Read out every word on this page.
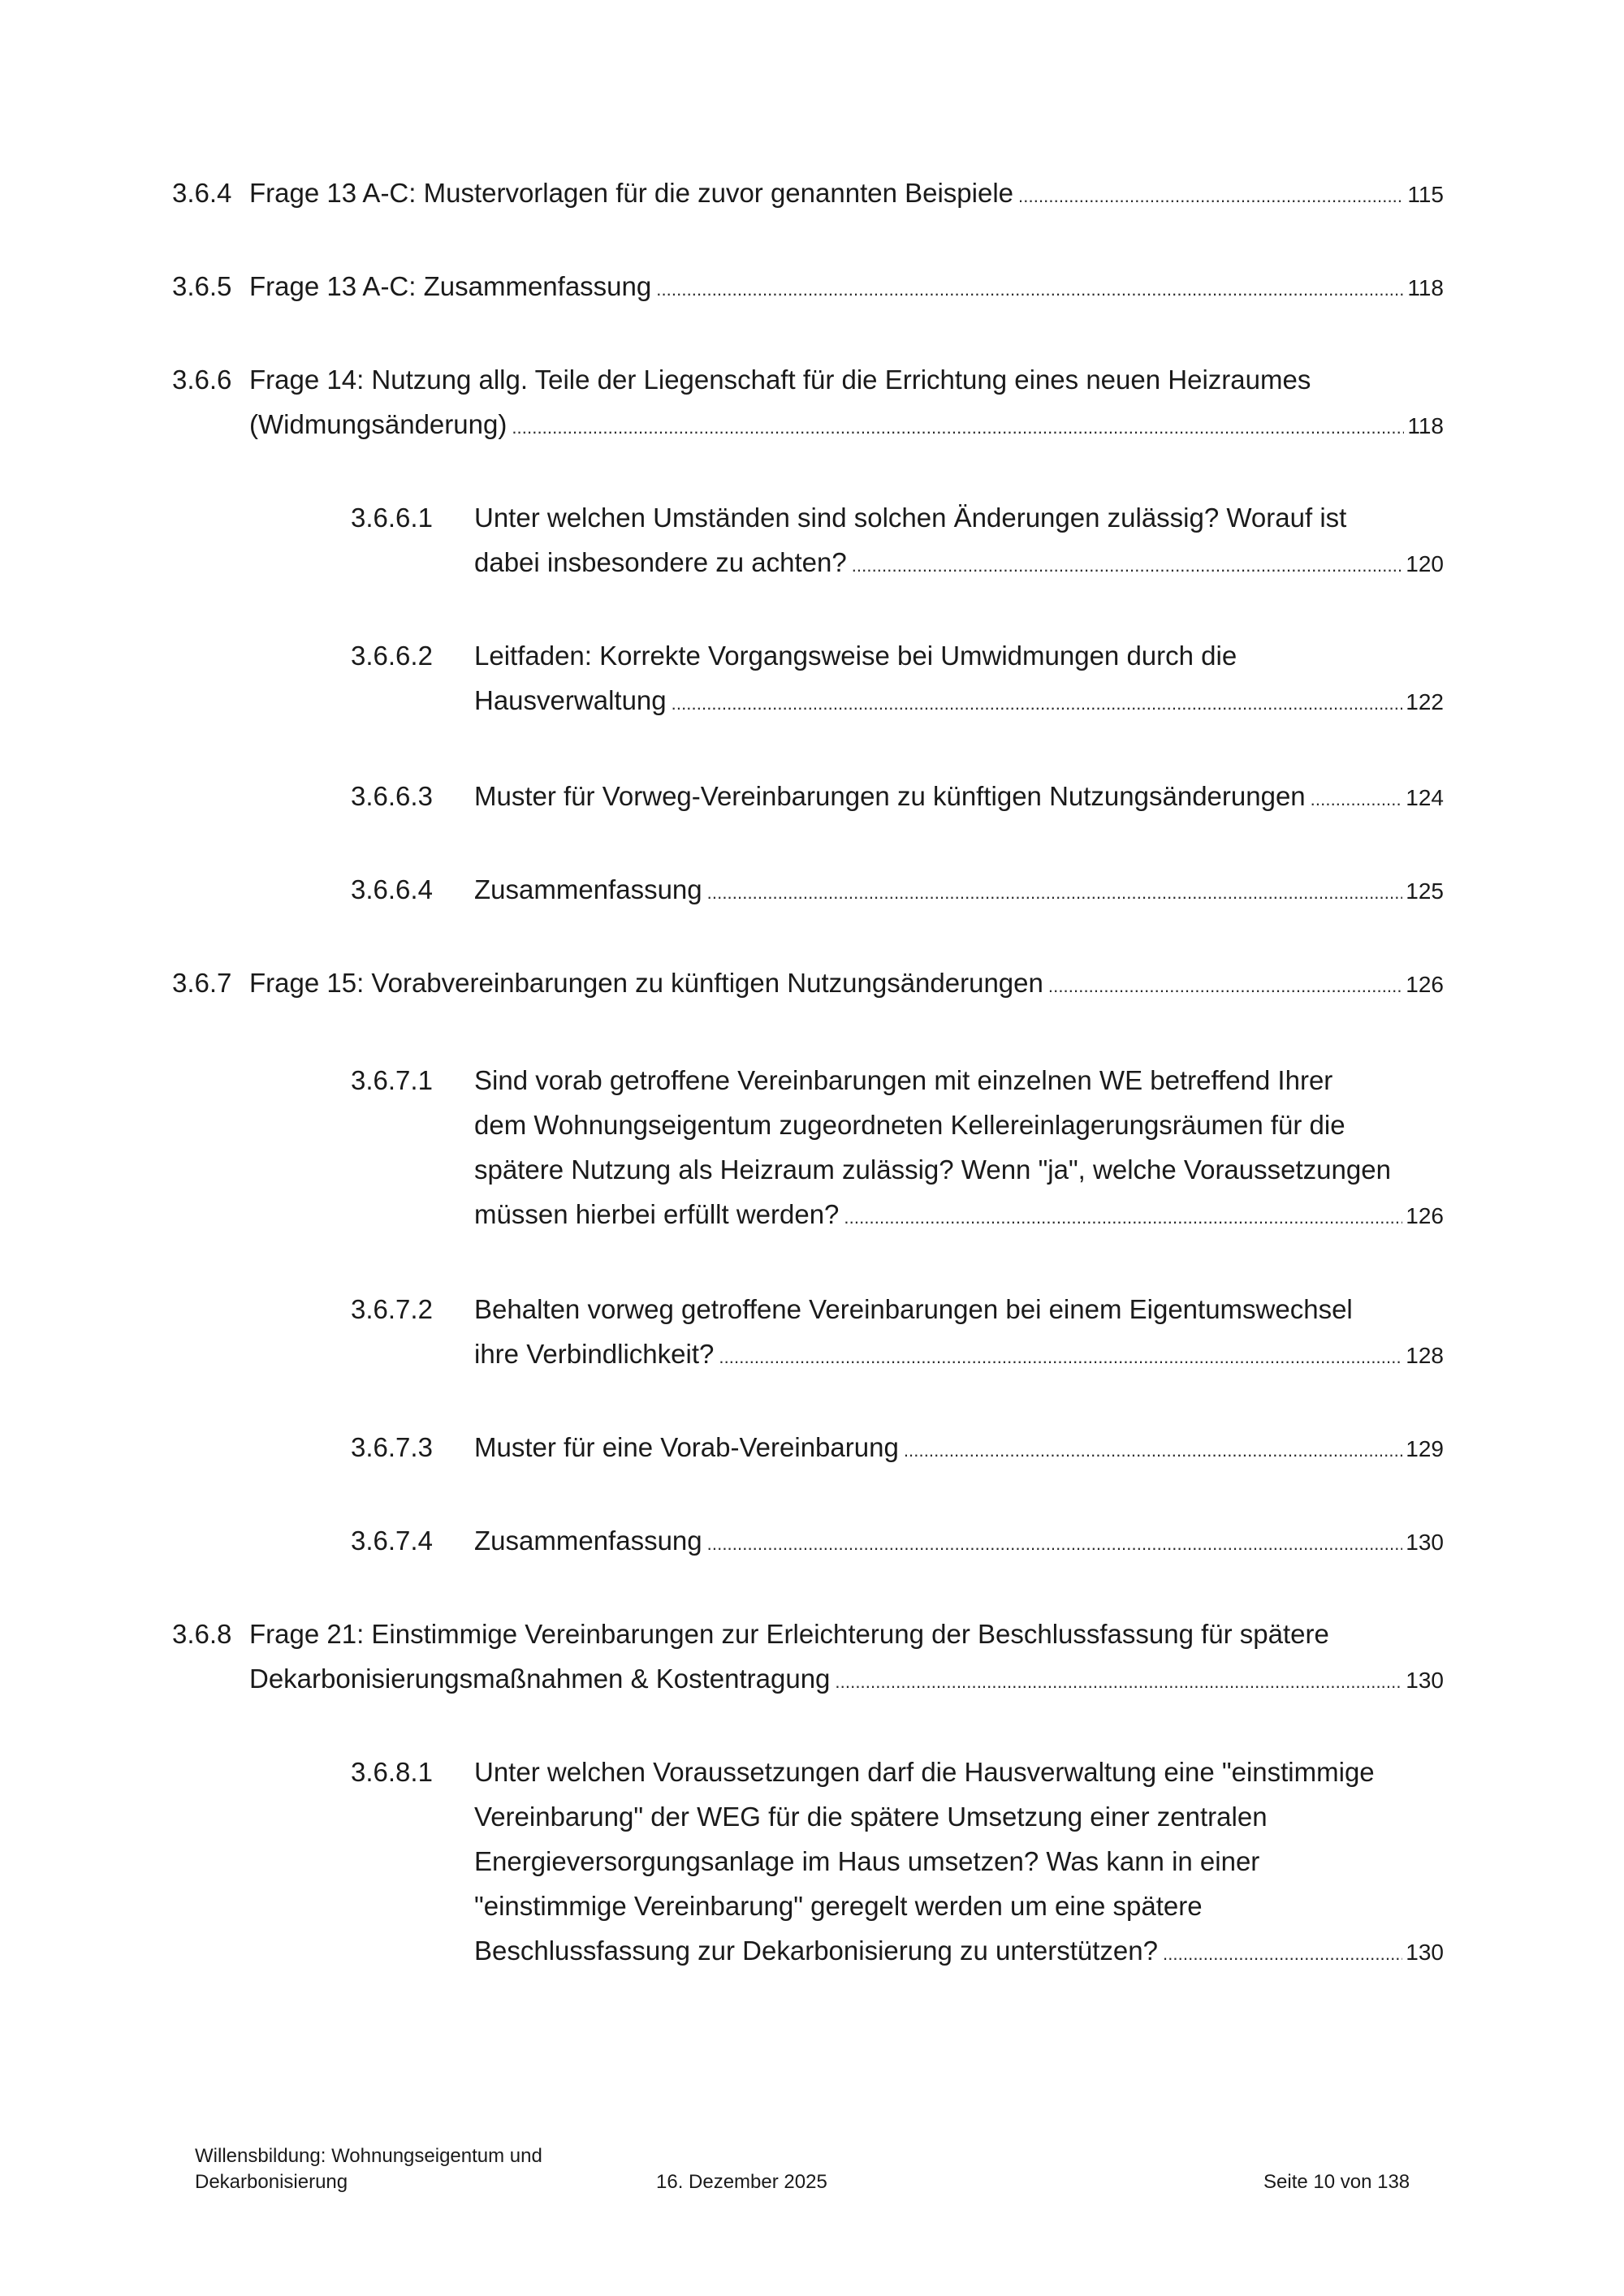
3.6.4 Frage 13 A-C: Mustervorlagen für die zuvor genannten Beispiele . . .	115
3.6.5 Frage 13 A-C: Zusammenfassung . . .	118
3.6.6 Frage 14: Nutzung allg. Teile der Liegenschaft für die Errichtung eines neuen Heizraumes
(Widmungsänderung) . . .	118
3.6.6.1 Unter welchen Umständen sind solchen Änderungen zulässig? Worauf ist
dabei insbesondere zu achten? . . .	120
3.6.6.2 Leitfaden: Korrekte Vorgangsweise bei Umwidmungen durch die
Hausverwaltung . . .	122
3.6.6.3 Muster für Vorweg-Vereinbarungen zu künftigen Nutzungsänderungen . . .	124
3.6.6.4 Zusammenfassung . . .	125
3.6.7 Frage 15: Vorabvereinbarungen zu künftigen Nutzungsänderungen . . .	126
3.6.7.1 Sind vorab getroffene Vereinbarungen mit einzelnen WE betreffend Ihrer
dem Wohnungseigentum zugeordneten Kellereinlagerungsräumen für die
spätere Nutzung als Heizraum zulässig? Wenn "ja", welche Voraussetzungen
müssen hierbei erfüllt werden? . . .	126
3.6.7.2 Behalten vorweg getroffene Vereinbarungen bei einem Eigentumswechsel
ihre Verbindlichkeit? . . .	128
3.6.7.3 Muster für eine Vorab-Vereinbarung . . .	129
3.6.7.4 Zusammenfassung . . .	130
3.6.8 Frage 21: Einstimmige Vereinbarungen zur Erleichterung der Beschlussfassung für spätere
Dekarbonisierungsmaßnahmen & Kostentragung . . .	130
3.6.8.1 Unter welchen Voraussetzungen darf die Hausverwaltung eine "einstimmige
Vereinbarung" der WEG für die spätere Umsetzung einer zentralen
Energieversorgungsanlage im Haus umsetzen? Was kann in einer
"einstimmige Vereinbarung" geregelt werden um eine spätere
Beschlussfassung zur Dekarbonisierung zu unterstützen? . . .	130
Willensbildung: Wohnungseigentum und
Dekarbonisierung	16. Dezember 2025	Seite 10 von 138
